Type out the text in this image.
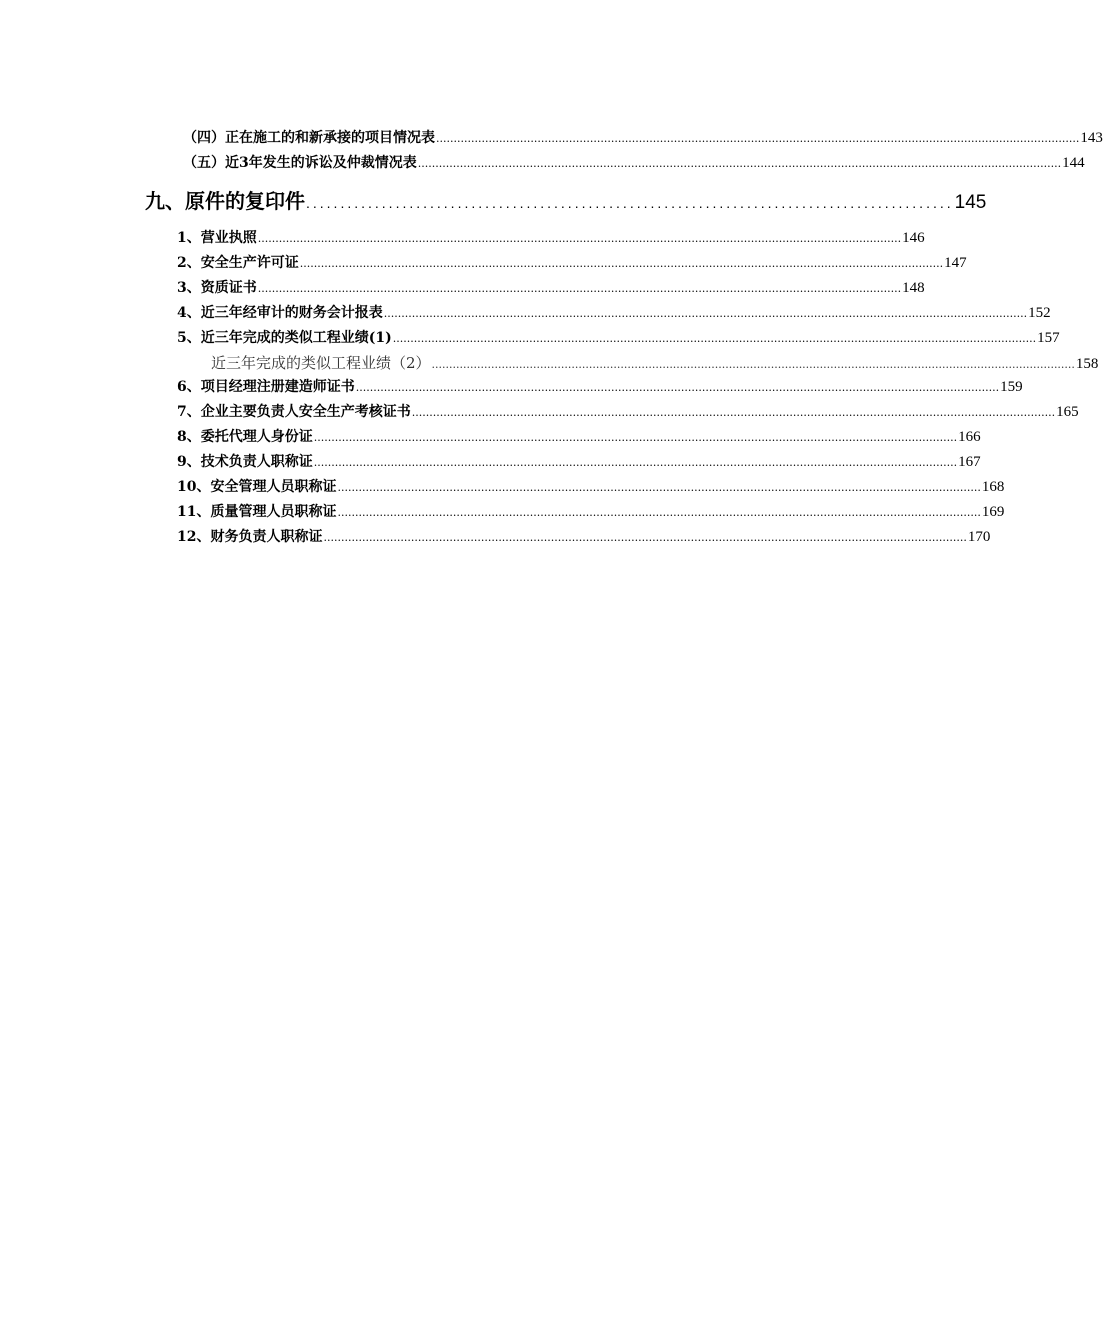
（四）正在施工的和新承接的项目情况表 ........................................................................................................................................................................................ 143
（五）近3年发生的诉讼及仲裁情况表 ........................................................................................................................................................................................ 144
九、原件的复印件 .............................................................................................. 145
1、营业执照 ........................................................................................................................................................................................ 146
2、安全生产许可证 ........................................................................................................................................................................................ 147
3、资质证书 ........................................................................................................................................................................................ 148
4、近三年经审计的财务会计报表 ........................................................................................................................................................................................ 152
5、近三年完成的类似工程业绩(1) ........................................................................................................................................................................................ 157
近三年完成的类似工程业绩（2） ........................................................................................................................................................................................ 158
6、项目经理注册建造师证书 ........................................................................................................................................................................................ 159
7、企业主要负责人安全生产考核证书 ........................................................................................................................................................................................ 165
8、委托代理人身份证 ........................................................................................................................................................................................ 166
9、技术负责人职称证 ........................................................................................................................................................................................ 167
10、安全管理人员职称证 ........................................................................................................................................................................................ 168
11、质量管理人员职称证 ........................................................................................................................................................................................ 169
12、财务负责人职称证 ........................................................................................................................................................................................ 170
